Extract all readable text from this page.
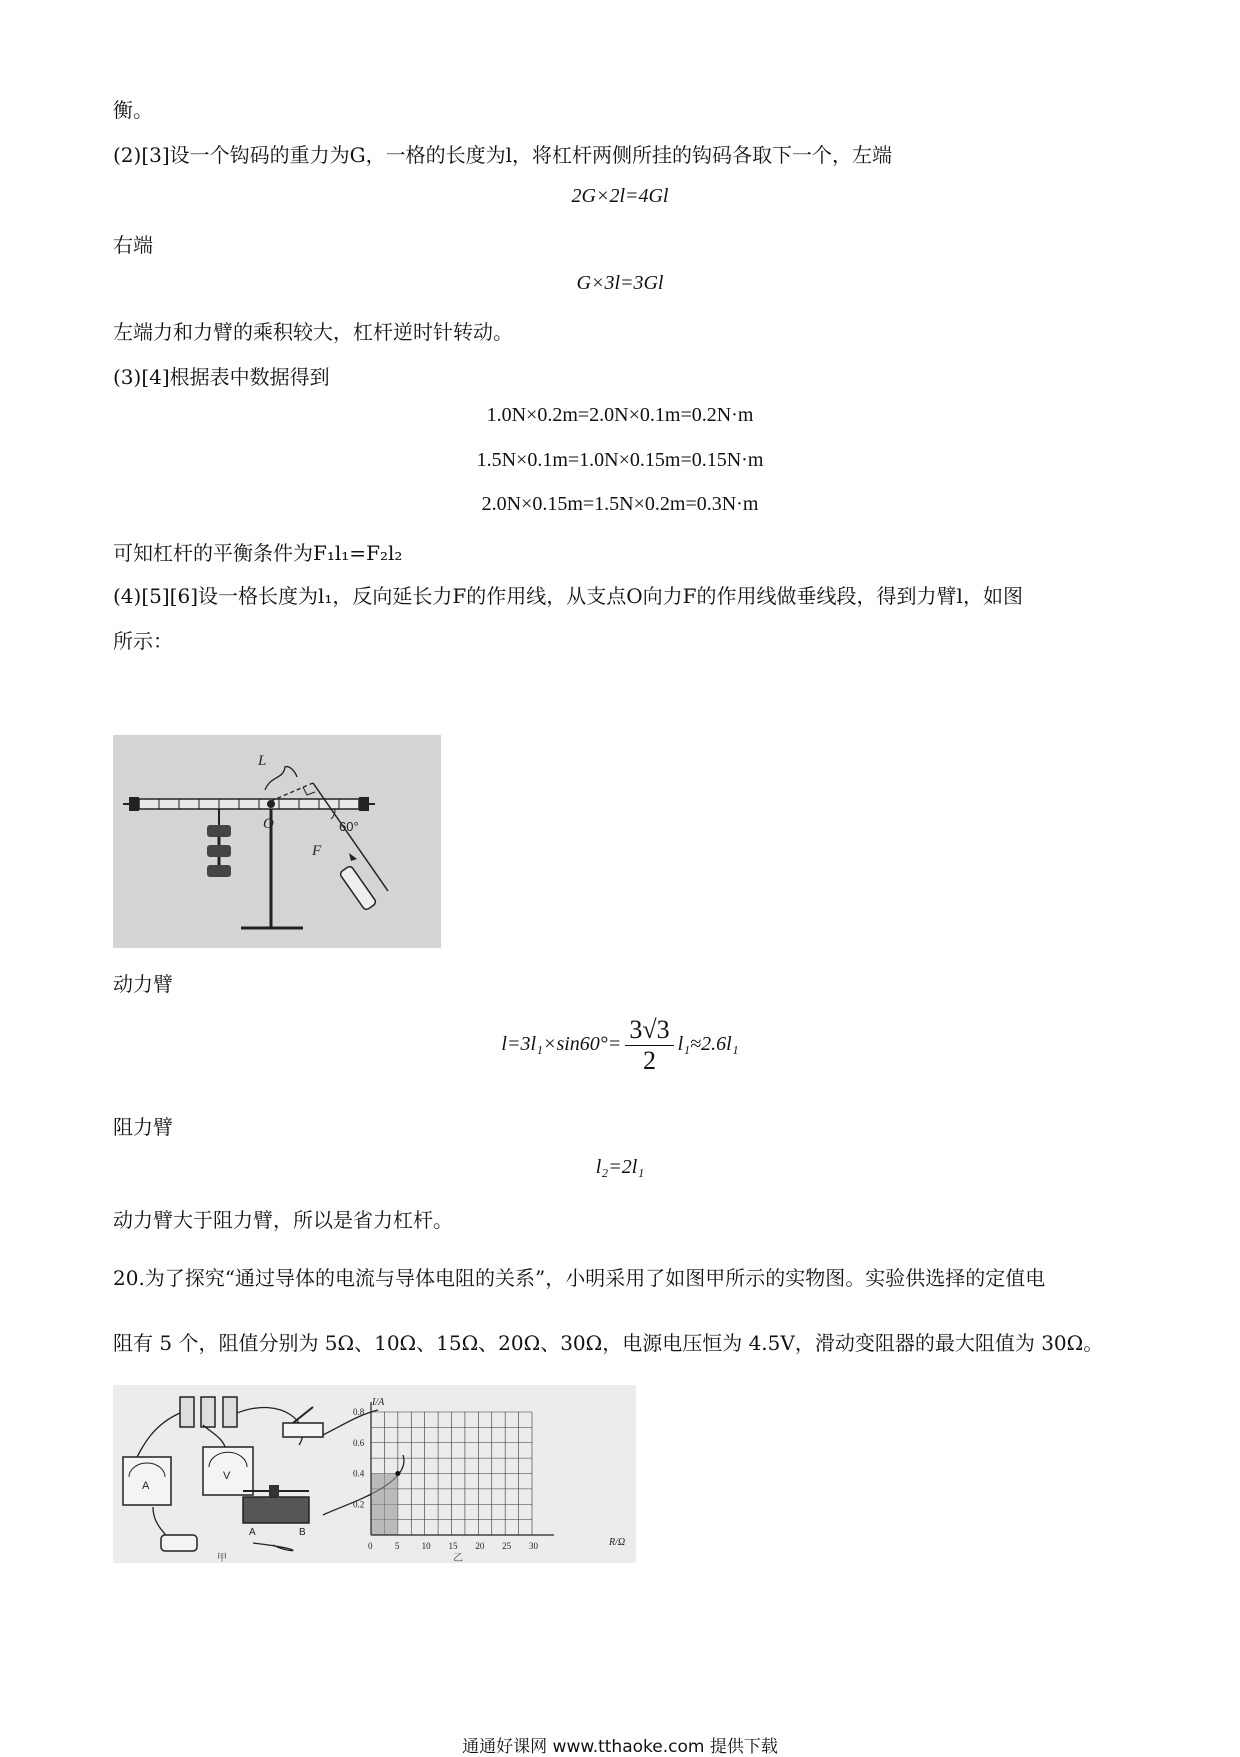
衡。
(2)[3]设一个钩码的重力为G，一格的长度为l，将杠杆两侧所挂的钩码各取下一个，左端
2G×2l=4Gl
右端
G×3l=3Gl
左端力和力臂的乘积较大，杠杆逆时针转动。
(3)[4]根据表中数据得到
1.0N×0.2m=2.0N×0.1m=0.2N·m
1.5N×0.1m=1.0N×0.15m=0.15N·m
2.0N×0.15m=1.5N×0.2m=0.3N·m
可知杠杆的平衡条件为F₁l₁=F₂l₂
(4)[5][6]设一格长度为l₁，反向延长力F的作用线，从支点O向力F的作用线做垂线段，得到力臂l，如图
所示：
L
O
F
60°
动力臂
$l=3l_1\times\sin 60^\circ= \frac{3√3}{2} l_1\approx 2.6l_1$
阻力臂
l₂=2l₁
动力臂大于阻力臂，所以是省力杠杆。
20.为了探究“通过导体的电流与导体电阻的关系”，小明采用了如图甲所示的实物图。实验供选择的定值电
阻有 5 个，阻值分别为 5Ω、10Ω、15Ω、20Ω、30Ω，电源电压恒为 4.5V，滑动变阻器的最大阻值为 30Ω。
A
V
A	B
甲
0 5 10 15 20 25 30
0.2
0.4
0.6
0.8
I/A
R/Ω
乙
通通好课网 www.tthaoke.com 提供下载
